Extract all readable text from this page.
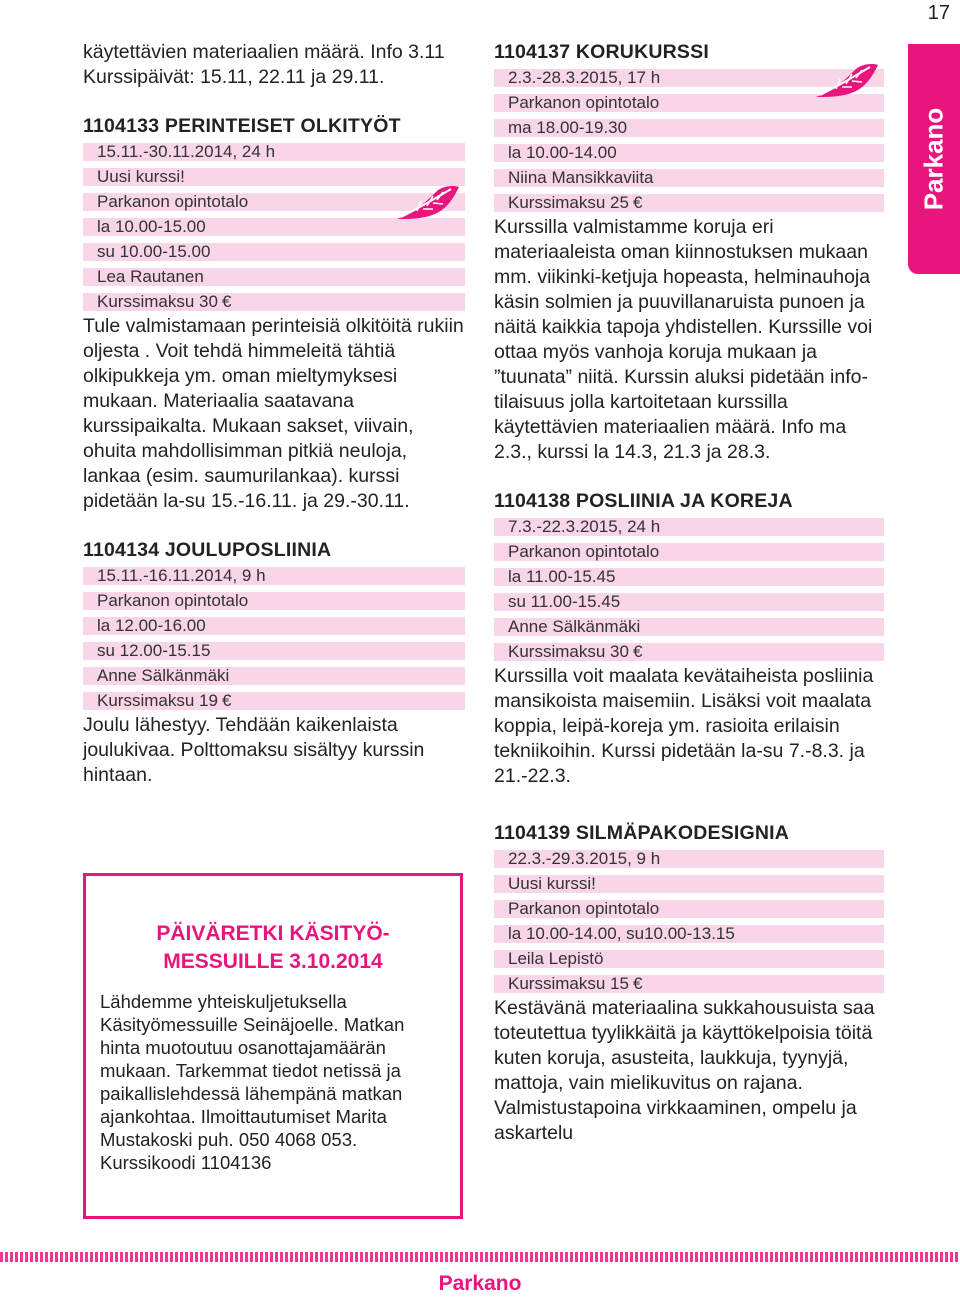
17
Parkano

käytettävien materiaalien määrä. Info 3.11 Kurssipäivät: 15.11, 22.11 ja 29.11.

1104133 PERINTEISET OLKITYÖT
15.11.-30.11.2014, 24 h
Uusi kurssi!
Parkanon opintotalo
la 10.00-15.00
su 10.00-15.00
Lea Rautanen
Kurssimaksu 30 €

Tule valmistamaan perinteisiä olkitöitä rukiin oljesta . Voit tehdä himmeleitä tähtiä olkipukkeja ym. oman mieltymyksesi mukaan. Materiaalia saatavana kurssipaikalta. Mukaan sakset, viivain, ohuita mahdollisimman pitkiä neuloja, lankaa (esim. saumurilankaa). kurssi pidetään la-su 15.-16.11. ja 29.-30.11.

1104134 JOULUPOSLIINIA
15.11.-16.11.2014, 9 h
Parkanon opintotalo
la 12.00-16.00
su 12.00-15.15
Anne Sälkänmäki
Kurssimaksu 19 €

Joulu lähestyy. Tehdään kaikenlaista joulukivaa. Polttomaksu sisältyy kurssin hintaan.

PÄIVÄRETKI KÄSITYÖ-
MESSUILLE 3.10.2014
Lähdemme yhteiskuljetuksella Käsityömessuille Seinäjoelle. Matkan hinta muotoutuu osanottajamäärän mukaan. Tarkemmat tiedot netissä ja paikallislehdessä lähempänä matkan ajankohtaa. Ilmoittautumiset Marita Mustakoski puh. 050 4068 053. Kurssikoodi 1104136
1104137 KORUKURSSI
2.3.-28.3.2015, 17 h
Parkanon opintotalo
ma 18.00-19.30
la 10.00-14.00
Niina Mansikkaviita
Kurssimaksu 25 €

Kurssilla valmistamme koruja eri materiaaleista oman kiinnostuksen mukaan mm. viikinki-ketjuja hopeasta, helminauhoja käsin solmien ja puuvillanaruista punoen ja näitä kaikkia tapoja yhdistellen. Kurssille voi ottaa myös vanhoja koruja mukaan ja ”tuunata” niitä. Kurssin aluksi pidetään info-tilaisuus jolla kartoitetaan kurssilla käytettävien materiaalien määrä. Info ma 2.3., kurssi la 14.3, 21.3 ja 28.3.

1104138 POSLIINIA JA KOREJA
7.3.-22.3.2015, 24 h
Parkanon opintotalo
la 11.00-15.45
su 11.00-15.45
Anne Sälkänmäki
Kurssimaksu 30 €

Kurssilla voit maalata kevätaiheista posliinia mansikoista maisemiin. Lisäksi voit maalata koppia, leipä-koreja ym. rasioita erilaisin tekniikoihin. Kurssi pidetään la-su 7.-8.3. ja 21.-22.3.

1104139 SILMÄPAKODESIGNIA
22.3.-29.3.2015, 9 h
Uusi kurssi!
Parkanon opintotalo
la 10.00-14.00, su10.00-13.15
Leila Lepistö
Kurssimaksu 15 €

Kestävänä materiaalina sukkahousuista saa toteutettua tyylikkäitä ja käyttökelpoisia töitä kuten koruja, asusteita, laukkuja, tyynyjä, mattoja, vain mielikuvitus on rajana. Valmistustapoina virkkaaminen, ompelu ja askartelu

Parkano
